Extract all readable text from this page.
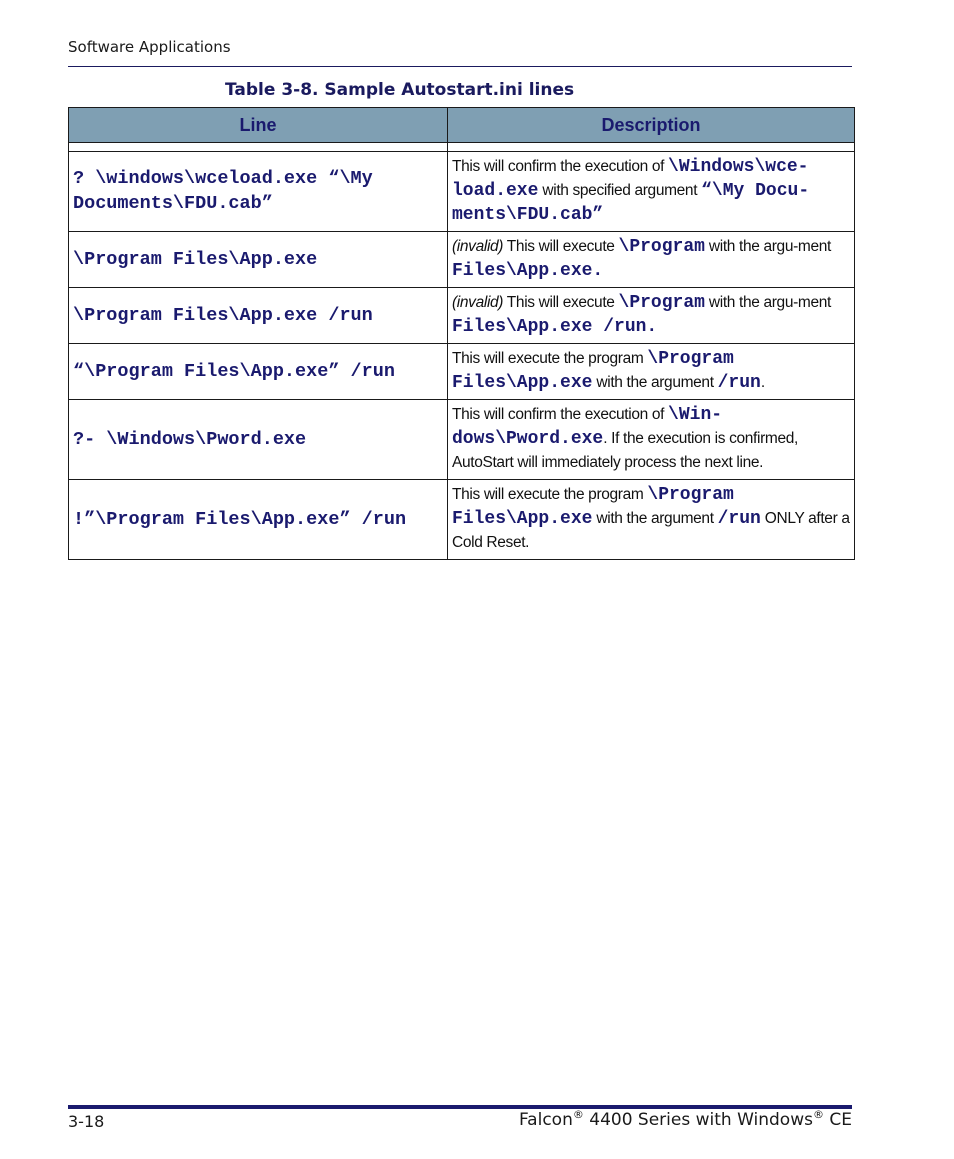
Software Applications
Table 3-8. Sample Autostart.ini lines
Line	Description

? \windows\wceload.exe “\My Documents\FDU.cab”	This will confirm the execution of \Windows\wce-load.exe with specified argument “\My Docu-ments\FDU.cab”
\Program Files\App.exe	(invalid) This will execute \Program with the argu-ment Files\App.exe.
\Program Files\App.exe /run	(invalid) This will execute \Program with the argu-ment Files\App.exe /run.
“\Program Files\App.exe” /run	This will execute the program \Program Files\App.exe with the argument /run.
?- \Windows\Pword.exe	This will confirm the execution of \Win-dows\Pword.exe. If the execution is confirmed, AutoStart will immediately process the next line.
!”\Program Files\App.exe” /run	This will execute the program \Program Files\App.exe with the argument /run ONLY after a Cold Reset.
3-18	Falcon® 4400 Series with Windows® CE
